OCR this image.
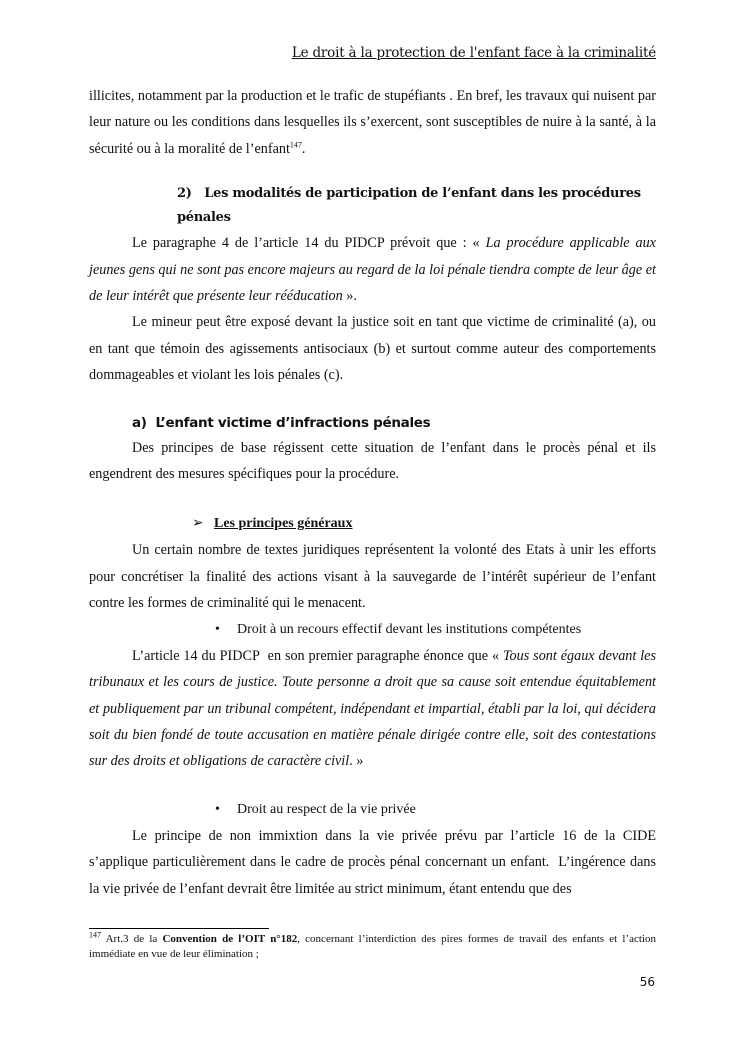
Le droit à la protection de l'enfant face à la criminalité

illicites, notamment par la production et le trafic de stupéfiants . En bref, les travaux qui nuisent par leur nature ou les conditions dans lesquelles ils s’exercent, sont susceptibles de nuire à la santé, à la sécurité ou à la moralité de l’enfant$^{147}$.

2)   Les modalités de participation de l’enfant dans les procédures pénales

Le paragraphe 4 de l’article 14 du PIDCP prévoit que : « La procédure applicable aux jeunes gens qui ne sont pas encore majeurs au regard de la loi pénale tiendra compte de leur âge et de leur intérêt que présente leur rééducation ».

Le mineur peut être exposé devant la justice soit en tant que victime de criminalité (a), ou en tant que témoin des agissements antisociaux (b) et surtout comme auteur des comportements dommageables et violant les lois pénales (c).

a)  L’enfant victime d’infractions pénales

Des principes de base régissent cette situation de l’enfant dans le procès pénal et ils engendrent des mesures spécifiques pour la procédure.

➢ Les principes généraux

Un certain nombre de textes juridiques représentent la volonté des Etats à unir les efforts pour concrétiser la finalité des actions visant à la sauvegarde de l’intérêt supérieur de l’enfant contre les formes de criminalité qui le menacent.

• Droit à un recours effectif devant les institutions compétentes

L’article 14 du PIDCP  en son premier paragraphe énonce que « Tous sont égaux devant les tribunaux et les cours de justice. Toute personne a droit que sa cause soit entendue équitablement et publiquement par un tribunal compétent, indépendant et impartial, établi par la loi, qui décidera soit du bien fondé de toute accusation en matière pénale dirigée contre elle, soit des contestations sur des droits et obligations de caractère civil. »

• Droit au respect de la vie privée

Le principe de non immixtion dans la vie privée prévu par l’article 16 de la CIDE s’applique particulièrement dans le cadre de procès pénal concernant un enfant.  L’ingérence dans la vie privée de l’enfant devrait être limitée au strict minimum, étant entendu que des

$^{147}$ Art.3 de la Convention de l’OIT n°182, concernant l’interdiction des pires formes de travail des enfants et l’action immédiate en vue de leur élimination ;
56
